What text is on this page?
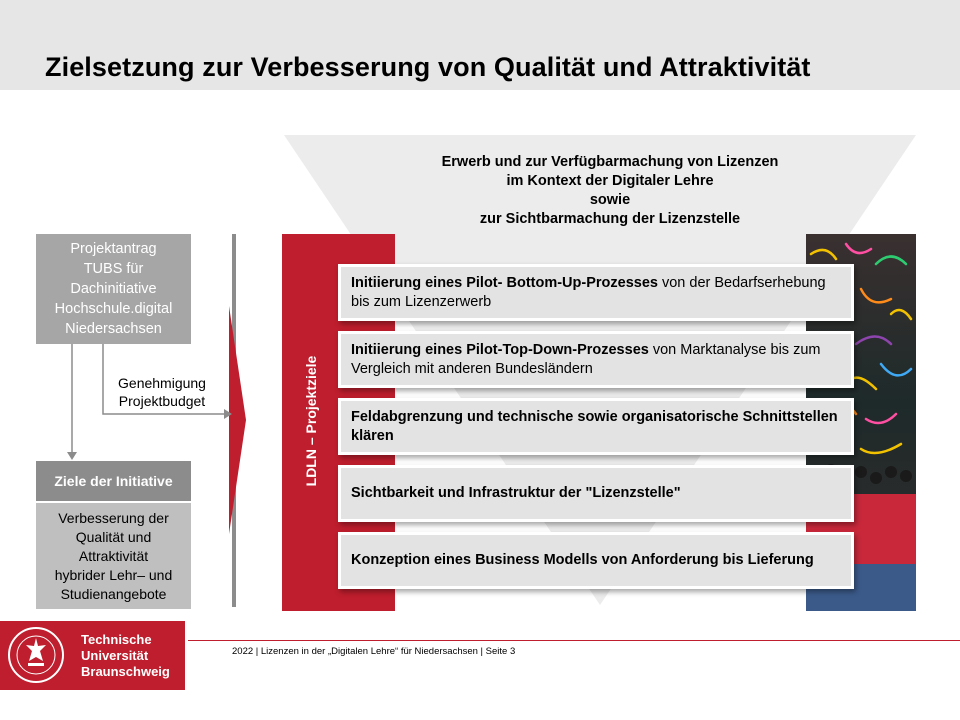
Zielsetzung zur Verbesserung von Qualität und Attraktivität
Erwerb und zur Verfügbarmachung von Lizenzen
im Kontext der Digitaler Lehre
sowie
zur Sichtbarmachung der Lizenzstelle
Projektantrag
TUBS für
Dachinitiative
Hochschule.digital
Niedersachsen
Genehmigung
Projektbudget
Ziele der Initiative
Verbesserung der
Qualität und
Attraktivität
hybrider Lehr– und
Studienangebote
LDLN – Projektziele
Initiierung eines Pilot- Bottom-Up-Prozesses von der Bedarfserhebung bis zum Lizenzerwerb
Initiierung eines Pilot-Top-Down-Prozesses von Marktanalyse bis zum Vergleich mit anderen Bundesländern
Feldabgrenzung und technische sowie organisatorische Schnittstellen klären
Sichtbarkeit und Infrastruktur der "Lizenzstelle"
Konzeption eines Business Modells von Anforderung bis Lieferung
Technische
Universität
Braunschweig
2022 | Lizenzen in der „Digitalen Lehre“ für Niedersachsen | Seite 3
